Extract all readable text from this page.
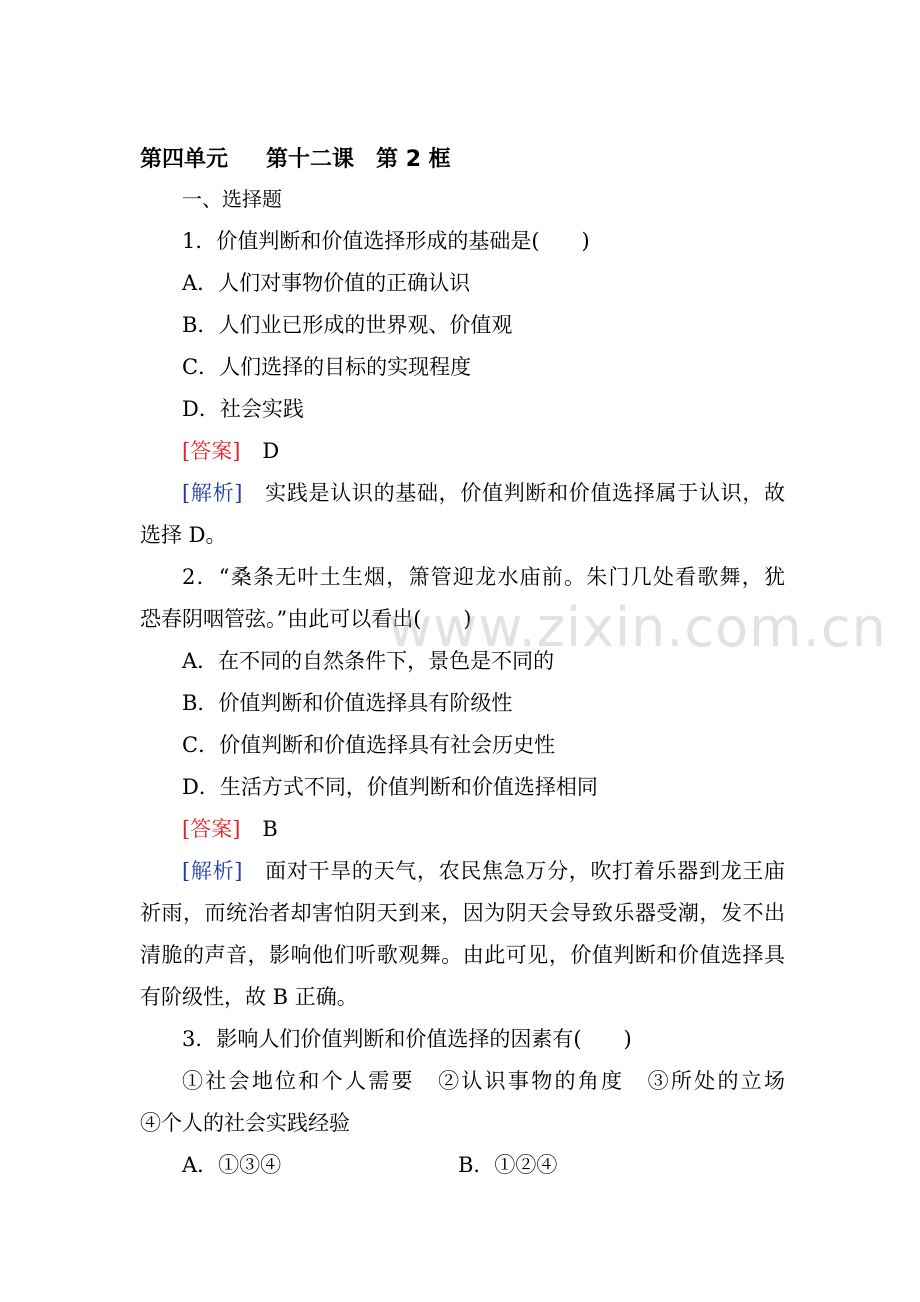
第四单元 第十二课 第 2 框
一、选择题
1．价值判断和价值选择形成的基础是(　　)
A．人们对事物价值的正确认识
B．人们业已形成的世界观、价值观
C．人们选择的目标的实现程度
D．社会实践
[答案] D
[解析] 实践是认识的基础，价值判断和价值选择属于认识，故
选择 D。
2．“桑条无叶土生烟，箫管迎龙水庙前。朱门几处看歌舞，犹
恐春阴咽管弦。”由此可以看出(　　)
A．在不同的自然条件下，景色是不同的
B．价值判断和价值选择具有阶级性
C．价值判断和价值选择具有社会历史性
D．生活方式不同，价值判断和价值选择相同
[答案] B
[解析] 面对干旱的天气，农民焦急万分，吹打着乐器到龙王庙
祈雨，而统治者却害怕阴天到来，因为阴天会导致乐器受潮，发不出
清脆的声音，影响他们听歌观舞。由此可见，价值判断和价值选择具
有阶级性，故 B 正确。
3．影响人们价值判断和价值选择的因素有(　　)
①社会地位和个人需要　②认识事物的角度　③所处的立场
④个人的社会实践经验
A．①③④	B．①②④
www.zixin.com.cn
